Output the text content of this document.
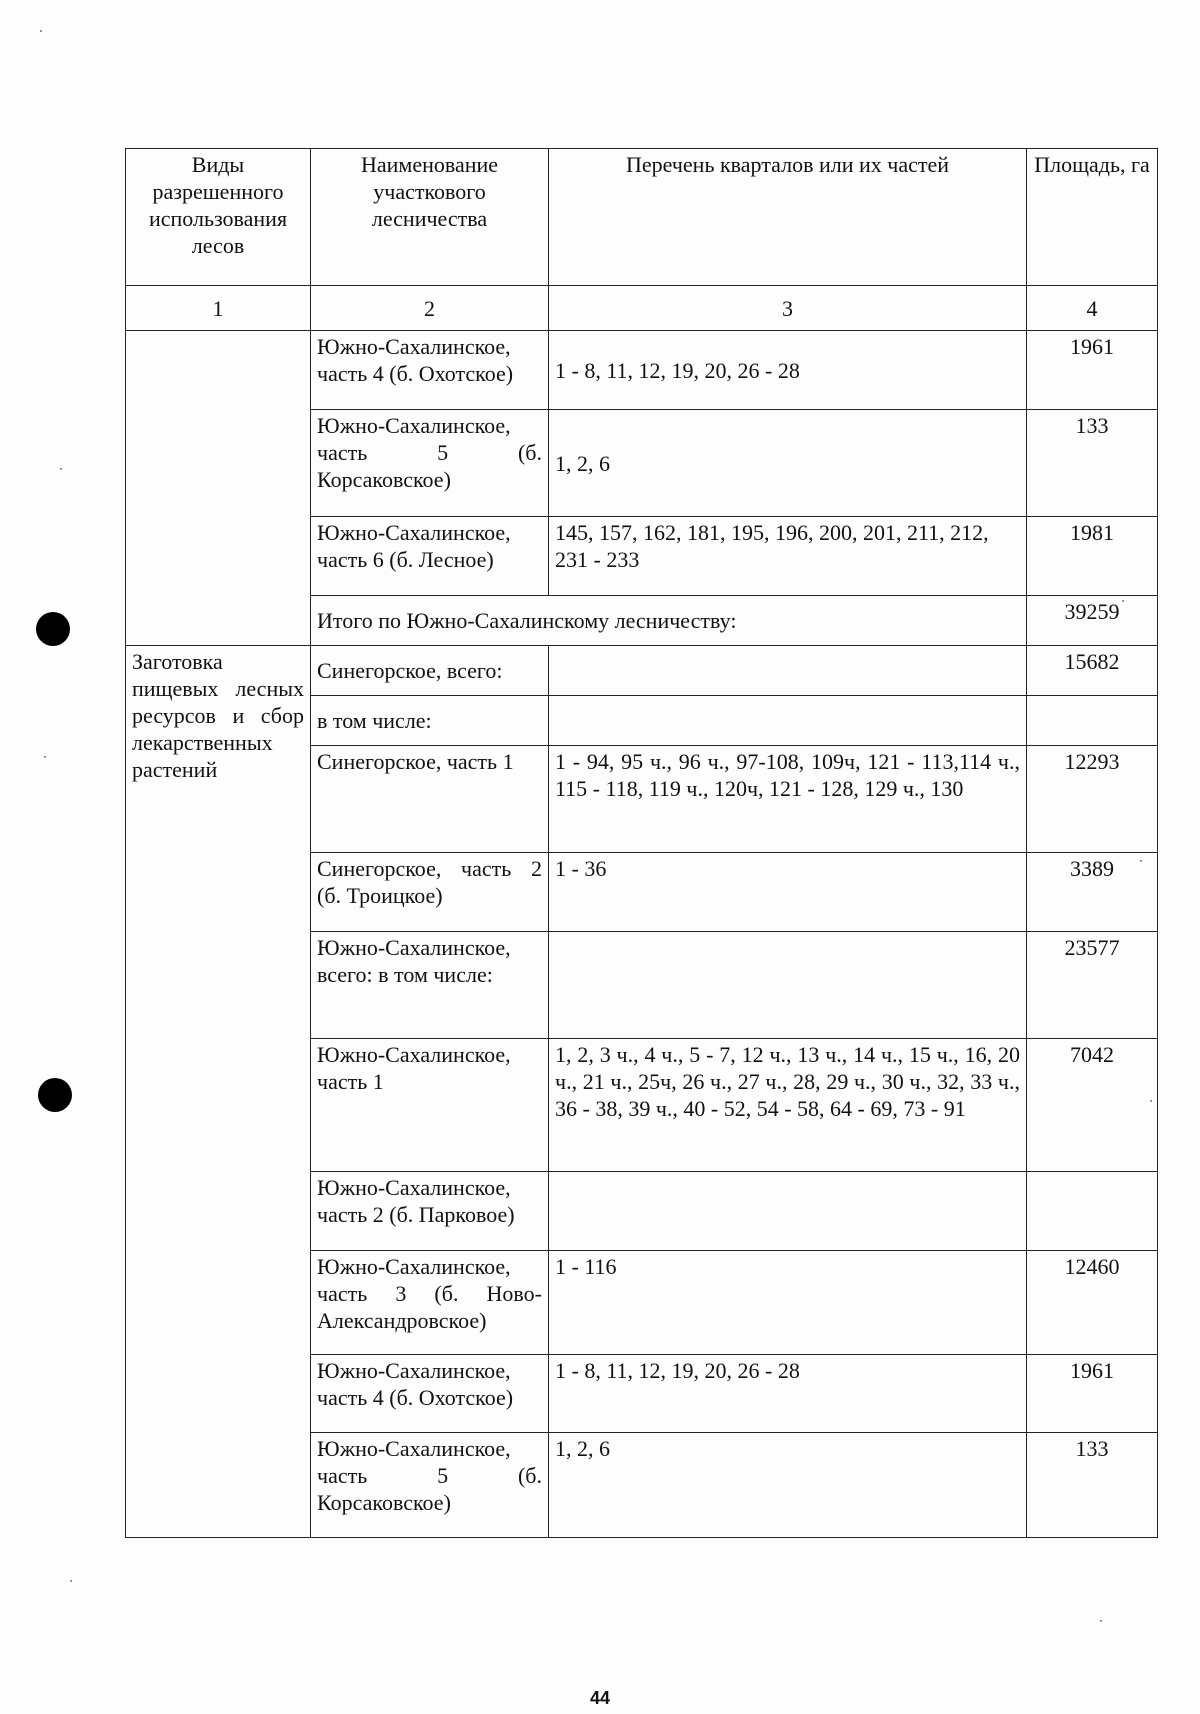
Виды разрешенного использования лесов	Наименование участкового лесничества	Перечень кварталов или их частей	Площадь, га
1	2	3	4
	Южно-Сахалинское, часть 4 (б. Охотское)	1 - 8, 11, 12, 19, 20, 26 - 28	1961
	Южно-Сахалинское, часть 5 (б. Корсаковское)	1, 2, 6	133
	Южно-Сахалинское, часть 6 (б. Лесное)	145, 157, 162, 181, 195, 196, 200, 201, 211, 212, 231 - 233	1981
	Итого по Южно-Сахалинскому лесничеству:		39259
Заготовка пищевых лесных ресурсов и сбор лекарственных растений	Синегорское, всего:		15682
	в том числе:		
	Синегорское, часть 1	1 - 94, 95 ч., 96 ч., 97-108, 109ч, 121 - 113,114 ч., 115 - 118, 119 ч., 120ч, 121 - 128, 129 ч., 130	12293
	Синегорское, часть 2 (б. Троицкое)	1 - 36	3389
	Южно-Сахалинское, всего: в том числе:		23577
	Южно-Сахалинское, часть 1	1, 2, 3 ч., 4 ч., 5 - 7, 12 ч., 13 ч., 14 ч., 15 ч., 16, 20 ч., 21 ч., 25ч, 26 ч., 27 ч., 28, 29 ч., 30 ч., 32, 33 ч., 36 - 38, 39 ч., 40 - 52, 54 - 58, 64 - 69, 73 - 91	7042
	Южно-Сахалинское, часть 2 (б. Парковое)		
	Южно-Сахалинское, часть 3 (б. Ново-Александровское)	1 - 116	12460
	Южно-Сахалинское, часть 4 (б. Охотское)	1 - 8, 11, 12, 19, 20, 26 - 28	1961
	Южно-Сахалинское, часть 5 (б. Корсаковское)	1, 2, 6	133
44
